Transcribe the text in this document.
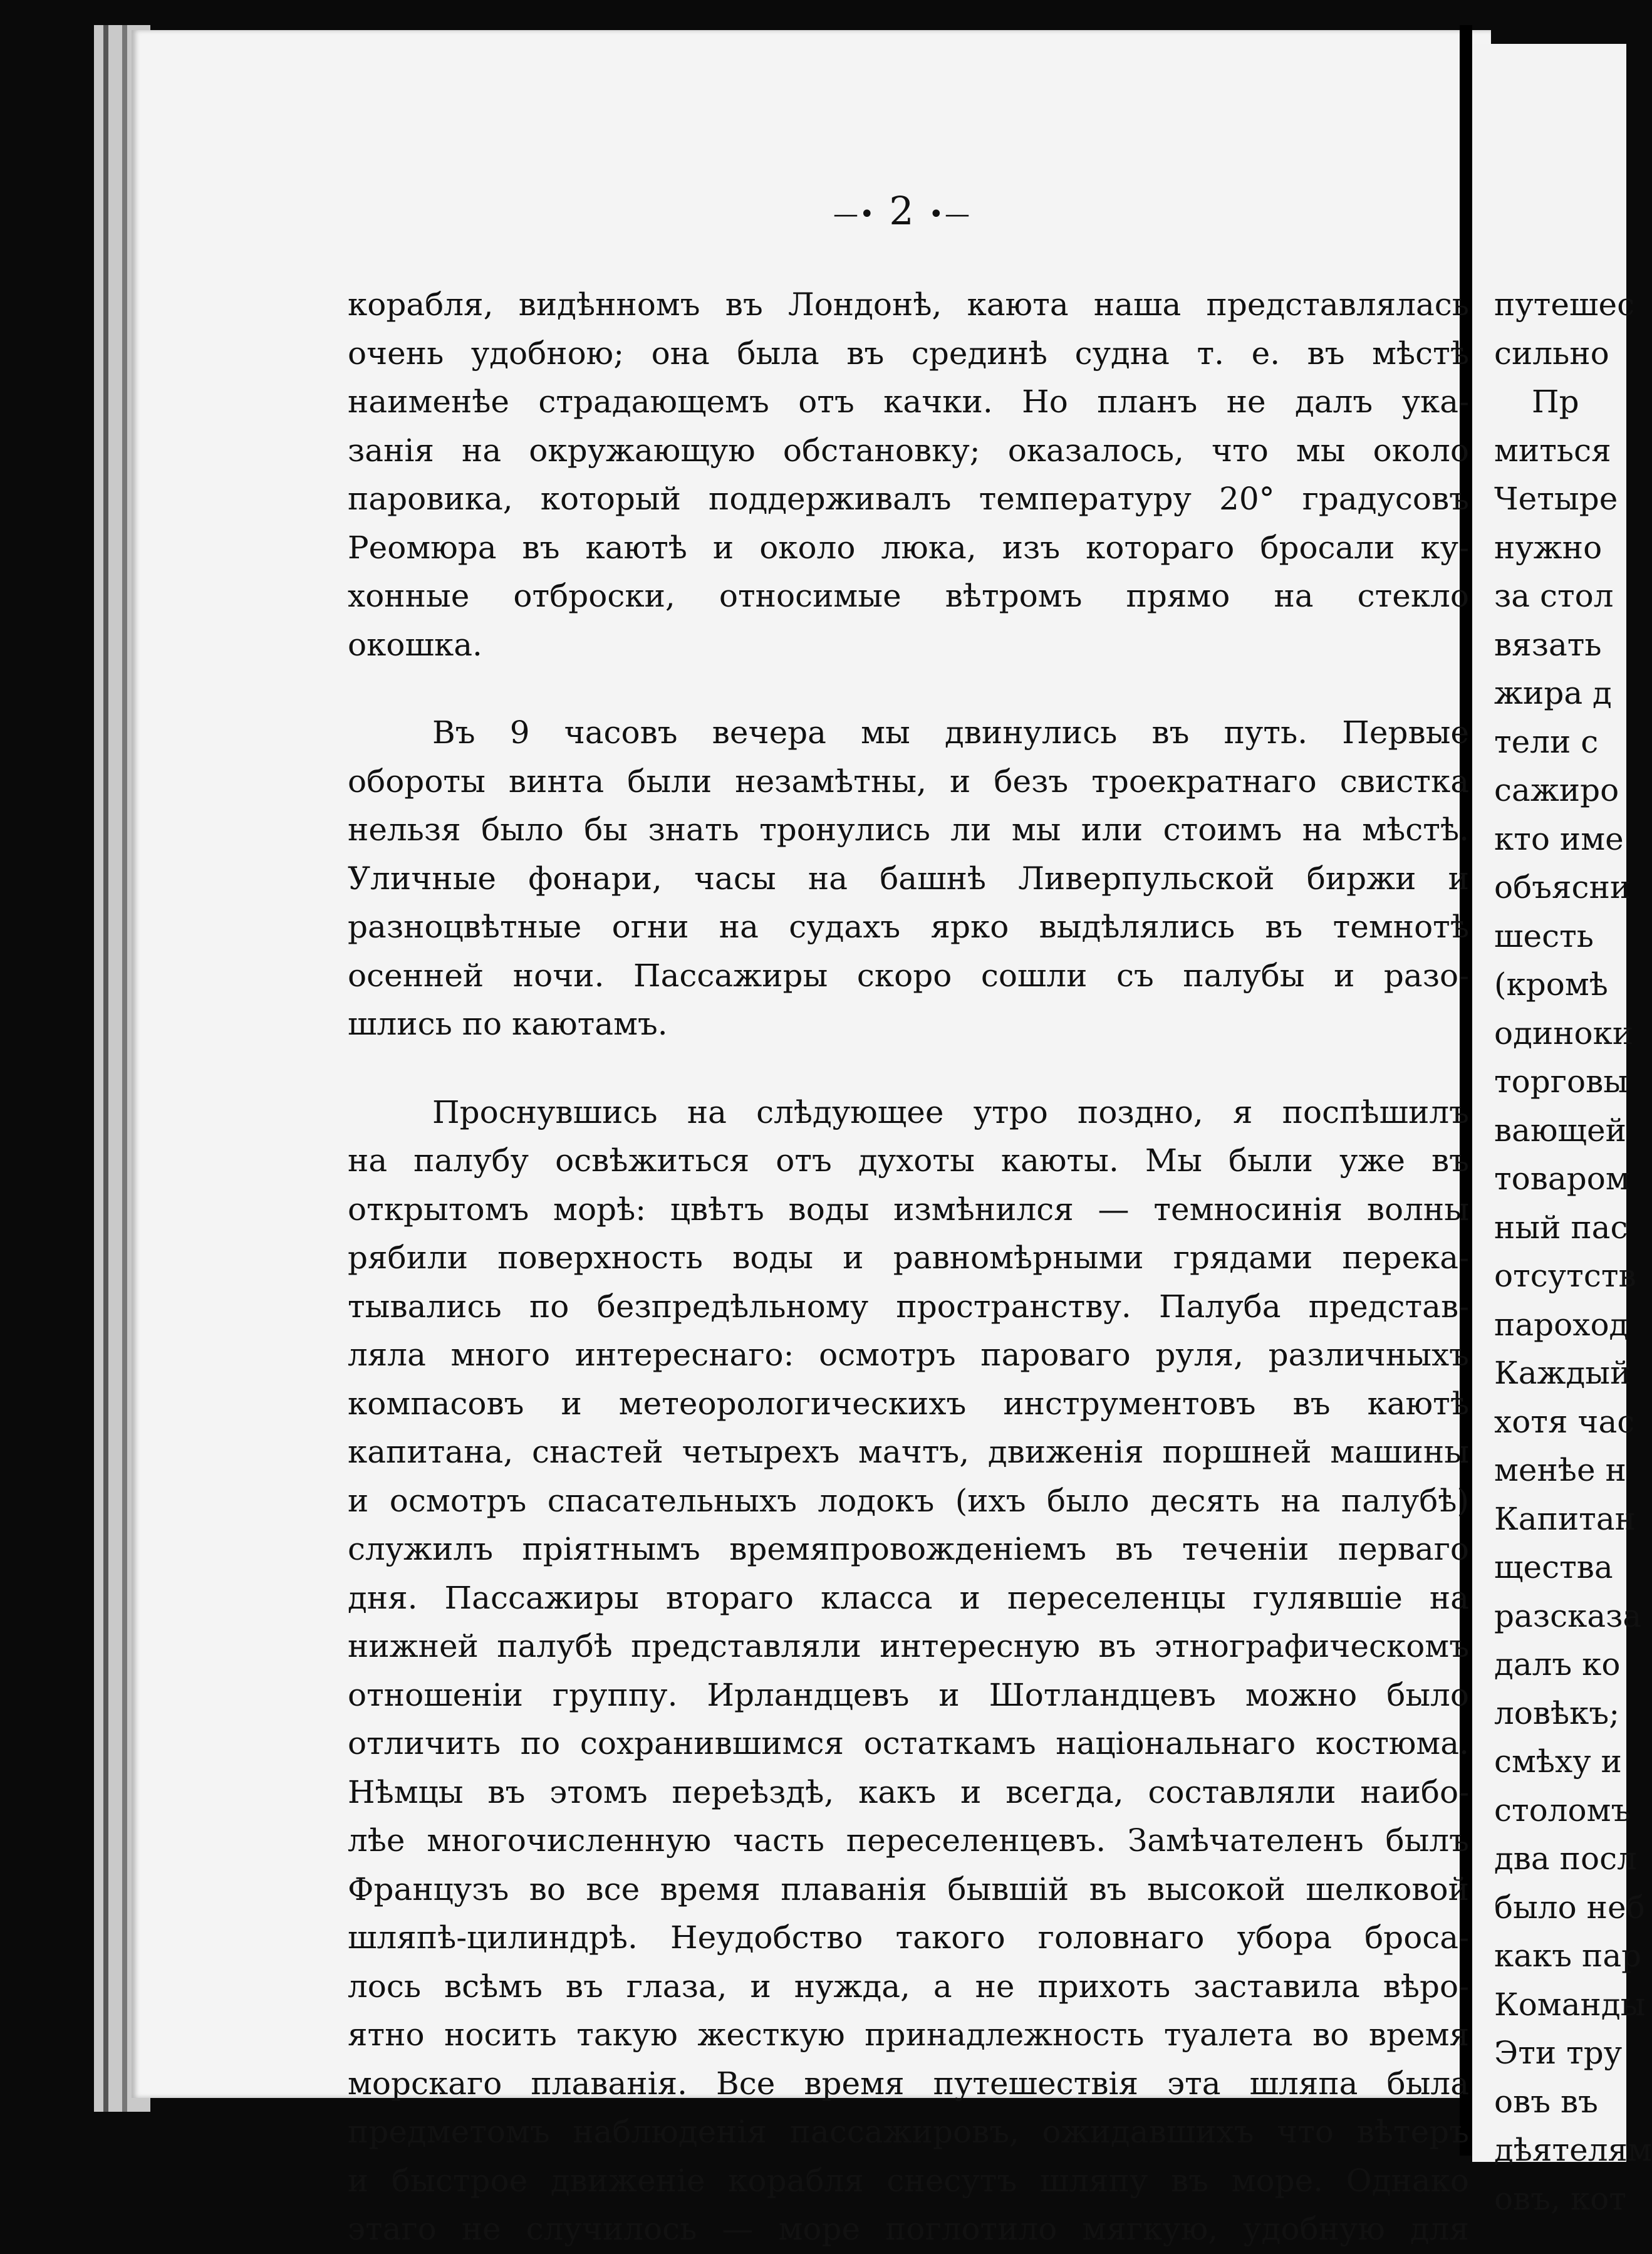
—• 2 •—
корабля, видѣнномъ въ Лондонѣ, каюта наша представлялась
очень удобною; она была въ срединѣ судна т. е. въ мѣстѣ
наименѣе страдающемъ отъ качки. Но планъ не далъ ука-
занія на окружающую обстановку; оказалось, что мы около
паровика, который поддерживалъ температуру 20° градусовъ
Реомюра въ каютѣ и около люка, изъ котораго бросали ку-
хонные отброски, относимые вѣтромъ прямо на стекло
окошка.
Въ 9 часовъ вечера мы двинулись въ путь. Первые
обороты винта были незамѣтны, и безъ троекратнаго свистка
нельзя было бы знать тронулись ли мы или стоимъ на мѣстѣ.
Уличные фонари, часы на башнѣ Ливерпульской биржи и
разноцвѣтные огни на судахъ ярко выдѣлялись въ темнотѣ
осенней ночи. Пассажиры скоро сошли съ палубы и разо-
шлись по каютамъ.
Проснувшись на слѣдующее утро поздно, я поспѣшилъ
на палубу освѣжиться отъ духоты каюты. Мы были уже въ
открытомъ морѣ: цвѣтъ воды измѣнился — темносинія волны
рябили поверхность воды и равномѣрными грядами перека-
тывались по безпредѣльному пространству. Палуба представ-
ляла много интереснаго: осмотръ пароваго руля, различныхъ
компасовъ и метеорологическихъ инструментовъ въ каютѣ
капитана, снастей четырехъ мачтъ, движенія поршней машины
и осмотръ спасательныхъ лодокъ (ихъ было десять на палубѣ)
служилъ пріятнымъ времяпровожденіемъ въ теченіи перваго
дня. Пассажиры втораго класса и переселенцы гулявшіе на
нижней палубѣ представляли интересную въ этнографическомъ
отношеніи группу. Ирландцевъ и Шотландцевъ можно было
отличить по сохранившимся остаткамъ національнаго костюма.
Нѣмцы въ этомъ переѣздѣ, какъ и всегда, составляли наибо-
лѣе многочисленную часть переселенцевъ. Замѣчателенъ былъ
Французъ во все время плаванія бывшій въ высокой шелковой
шляпѣ-цилиндрѣ. Неудобство такого головнаго убора броса-
лось всѣмъ въ глаза, и нужда, а не прихоть заставила вѣро-
ятно носить такую жесткую принадлежность туалета во время
морскаго плаванія. Все время путешествія эта шляпа была
предметомъ наблюденія пассажировъ, ожидавшихъ что вѣтеръ
и быстрое движеніе корабля снесутъ шляпу въ море. Однако
этаго не случилось — море поглотило мягкую, удобную для
путешес
сильно
Пр
миться
Четыре
нужно
за стол
вязать
жира д
тели с
сажиро
кто име
объясни
шесть
(кромѣ
одиноки
торговы
вающей
товаром
ный пас
отсутств
пароход
Каждый
хотя час
менѣе н
Капитан
щества
разсказа
далъ ко
ловѣкъ;
смѣху и
столомъ
два посл
было неб
какъ пар
Команды
Эти тру
овъ въ
дѣятелям
овъ, кот
